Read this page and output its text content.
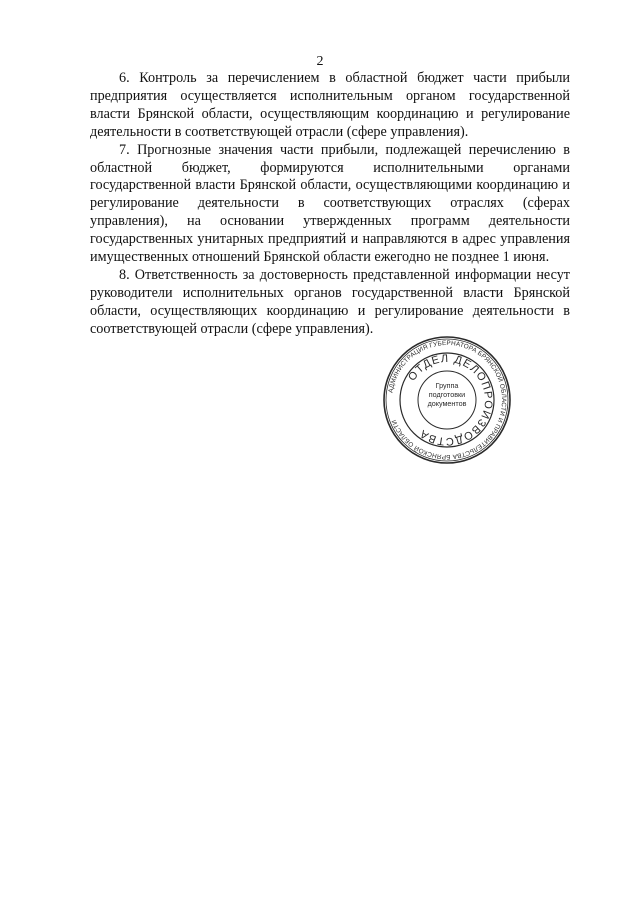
2

6. Контроль за перечислением в областной бюджет части прибыли предприятия осуществляется исполнительным органом государственной власти Брянской области, осуществляющим координацию и регулирование деятельности в соответствующей отрасли (сфере управления).

7. Прогнозные значения части прибыли, подлежащей перечислению в областной бюджет, формируются исполнительными органами государственной власти Брянской области, осуществляющими координацию и регулирование деятельности в соответствующих отраслях (сферах управления), на основании утвержденных программ деятельности государственных унитарных предприятий и направляются в адрес управления имущественных отношений Брянской области ежегодно не позднее 1 июня.

8. Ответственность за достоверность представленной информации несут руководители исполнительных органов государственной власти Брянской области, осуществляющих координацию и регулирование деятельности в соответствующей отрасли (сфере управления).

АДМИНИСТРАЦИЯ ГУБЕРНАТОРА БРЯНСКОЙ ОБЛАСТИ И ПРАВИТЕЛЬСТВА БРЯНСКОЙ ОБЛАСТИ
ОТДЕЛ ДЕЛОПРОИЗВОДСТВА
Группа подготовки документов
